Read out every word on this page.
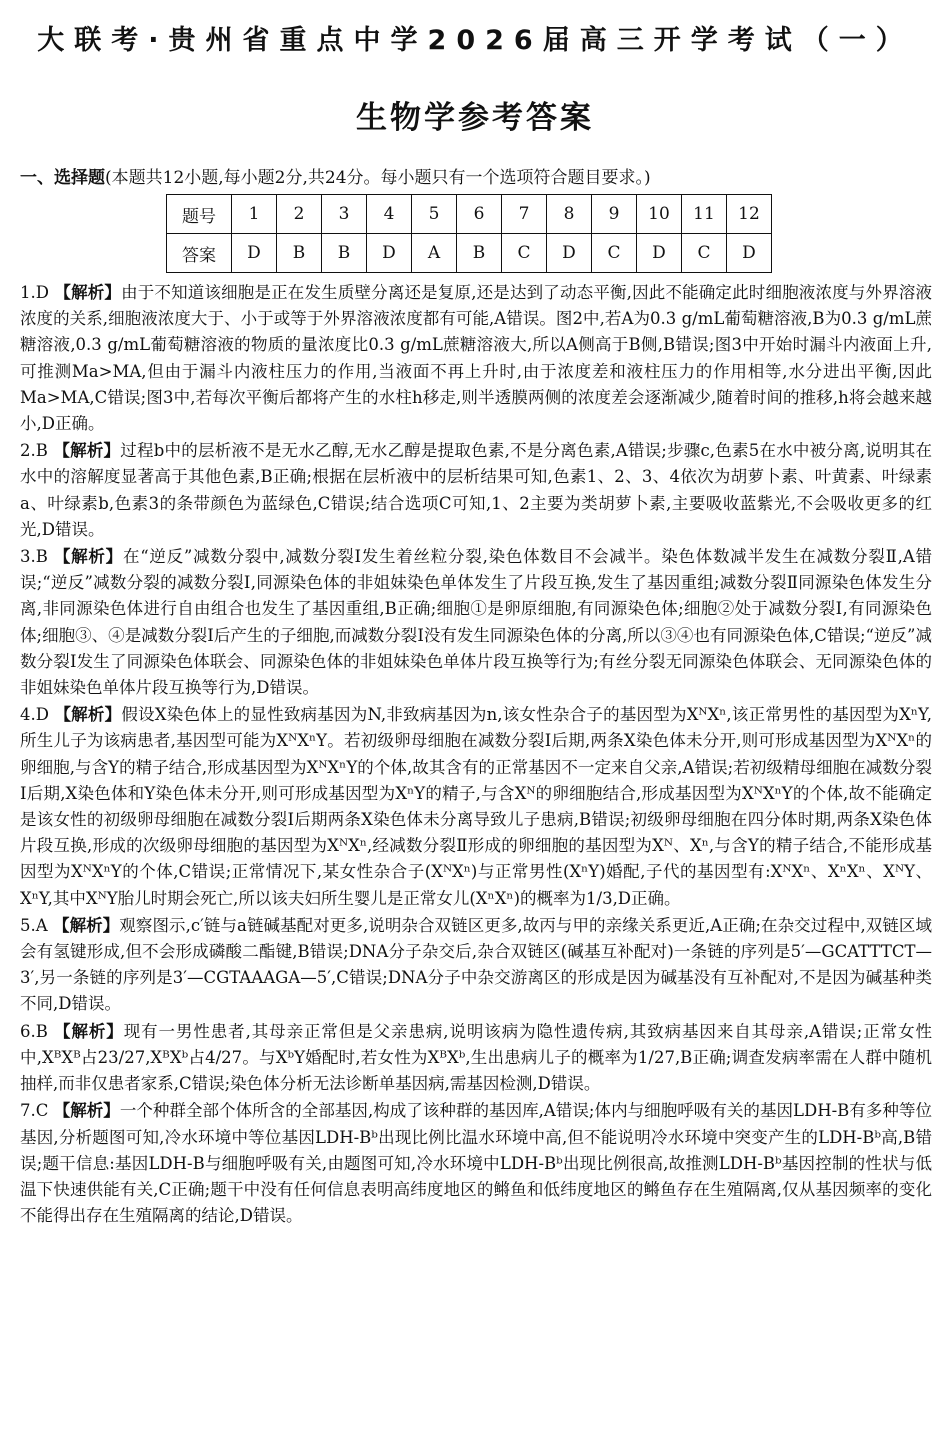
大联考·贵州省重点中学2026届高三开学考试（一）
生物学参考答案
一、选择题(本题共12小题,每小题2分,共24分。每小题只有一个选项符合题目要求。)
题号	1	2	3	4	5	6	7	8	9	10	11	12
答案	D	B	B	D	A	B	C	D	C	D	C	D

1.D 【解析】由于不知道该细胞是正在发生质壁分离还是复原,还是达到了动态平衡,因此不能确定此时细胞液浓度与外界溶液浓度的关系,细胞液浓度大于、小于或等于外界溶液浓度都有可能,A错误。图2中,若A为0.3 g/mL葡萄糖溶液,B为0.3 g/mL蔗糖溶液,0.3 g/mL葡萄糖溶液的物质的量浓度比0.3 g/mL蔗糖溶液大,所以A侧高于B侧,B错误;图3中开始时漏斗内液面上升,可推测Ma>MA,但由于漏斗内液柱压力的作用,当液面不再上升时,由于浓度差和液柱压力的作用相等,水分进出平衡,因此Ma>MA,C错误;图3中,若每次平衡后都将产生的水柱h移走,则半透膜两侧的浓度差会逐渐减少,随着时间的推移,h将会越来越小,D正确。

2.B 【解析】过程b中的层析液不是无水乙醇,无水乙醇是提取色素,不是分离色素,A错误;步骤c,色素5在水中被分离,说明其在水中的溶解度显著高于其他色素,B正确;根据在层析液中的层析结果可知,色素1、2、3、4依次为胡萝卜素、叶黄素、叶绿素a、叶绿素b,色素3的条带颜色为蓝绿色,C错误;结合选项C可知,1、2主要为类胡萝卜素,主要吸收蓝紫光,不会吸收更多的红光,D错误。

3.B 【解析】在“逆反”减数分裂中,减数分裂Ⅰ发生着丝粒分裂,染色体数目不会减半。染色体数减半发生在减数分裂Ⅱ,A错误;“逆反”减数分裂的减数分裂Ⅰ,同源染色体的非姐妹染色单体发生了片段互换,发生了基因重组;减数分裂Ⅱ同源染色体发生分离,非同源染色体进行自由组合也发生了基因重组,B正确;细胞①是卵原细胞,有同源染色体;细胞②处于减数分裂Ⅰ,有同源染色体;细胞③、④是减数分裂Ⅰ后产生的子细胞,而减数分裂Ⅰ没有发生同源染色体的分离,所以③④也有同源染色体,C错误;“逆反”减数分裂Ⅰ发生了同源染色体联会、同源染色体的非姐妹染色单体片段互换等行为;有丝分裂无同源染色体联会、无同源染色体的非姐妹染色单体片段互换等行为,D错误。

4.D 【解析】假设X染色体上的显性致病基因为N,非致病基因为n,该女性杂合子的基因型为XᴺXⁿ,该正常男性的基因型为XⁿY,所生儿子为该病患者,基因型可能为XᴺXⁿY。若初级卵母细胞在减数分裂Ⅰ后期,两条X染色体未分开,则可形成基因型为XᴺXⁿ的卵细胞,与含Y的精子结合,形成基因型为XᴺXⁿY的个体,故其含有的正常基因不一定来自父亲,A错误;若初级精母细胞在减数分裂Ⅰ后期,X染色体和Y染色体未分开,则可形成基因型为XⁿY的精子,与含Xᴺ的卵细胞结合,形成基因型为XᴺXⁿY的个体,故不能确定是该女性的初级卵母细胞在减数分裂Ⅰ后期两条X染色体未分离导致儿子患病,B错误;初级卵母细胞在四分体时期,两条X染色体片段互换,形成的次级卵母细胞的基因型为XᴺXⁿ,经减数分裂Ⅱ形成的卵细胞的基因型为Xᴺ、Xⁿ,与含Y的精子结合,不能形成基因型为XᴺXⁿY的个体,C错误;正常情况下,某女性杂合子(XᴺXⁿ)与正常男性(XⁿY)婚配,子代的基因型有:XᴺXⁿ、XⁿXⁿ、XᴺY、XⁿY,其中XᴺY胎儿时期会死亡,所以该夫妇所生婴儿是正常女儿(XⁿXⁿ)的概率为1/3,D正确。

5.A 【解析】观察图示,c′链与a链碱基配对更多,说明杂合双链区更多,故丙与甲的亲缘关系更近,A正确;在杂交过程中,双链区域会有氢键形成,但不会形成磷酸二酯键,B错误;DNA分子杂交后,杂合双链区(碱基互补配对)一条链的序列是5′—GCATTTCT—3′,另一条链的序列是3′—CGTAAAGA—5′,C错误;DNA分子中杂交游离区的形成是因为碱基没有互补配对,不是因为碱基种类不同,D错误。

6.B 【解析】现有一男性患者,其母亲正常但是父亲患病,说明该病为隐性遗传病,其致病基因来自其母亲,A错误;正常女性中,XᴮXᴮ占23/27,XᴮXᵇ占4/27。与XᵇY婚配时,若女性为XᴮXᵇ,生出患病儿子的概率为1/27,B正确;调查发病率需在人群中随机抽样,而非仅患者家系,C错误;染色体分析无法诊断单基因病,需基因检测,D错误。

7.C 【解析】一个种群全部个体所含的全部基因,构成了该种群的基因库,A错误;体内与细胞呼吸有关的基因LDH-B有多种等位基因,分析题图可知,冷水环境中等位基因LDH-Bᵇ出现比例比温水环境中高,但不能说明冷水环境中突变产生的LDH-Bᵇ高,B错误;题干信息:基因LDH-B与细胞呼吸有关,由题图可知,冷水环境中LDH-Bᵇ出现比例很高,故推测LDH-Bᵇ基因控制的性状与低温下快速供能有关,C正确;题干中没有任何信息表明高纬度地区的鳉鱼和低纬度地区的鳉鱼存在生殖隔离,仅从基因频率的变化不能得出存在生殖隔离的结论,D错误。
